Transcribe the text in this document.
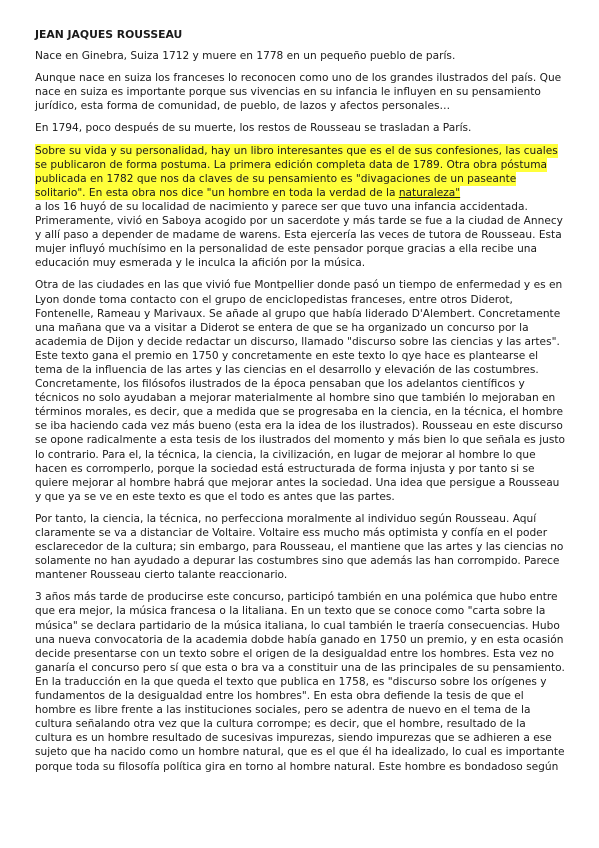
JEAN JAQUES ROUSSEAU

Nace en Ginebra, Suiza 1712 y muere en 1778 en un pequeño pueblo de parís.

Aunque nace en suiza los franceses lo reconocen como uno de los grandes ilustrados del país. Que nace en suiza es importante porque sus vivencias en su infancia le influyen en su pensamiento jurídico, esta forma de comunidad, de pueblo, de lazos y afectos personales…

En 1794, poco después de su muerte, los restos de Rousseau se trasladan a París.

Sobre su vida y su personalidad, hay un libro interesantes que es el de sus confesiones, las cuales se publicaron de forma postuma. La primera edición completa data de 1789. Otra obra póstuma publicada en 1782 que nos da claves de su pensamiento es "divagaciones de un paseante solitario". En esta obra nos dice "un hombre en toda la verdad de la naturaleza"

a los 16 huyó de su localidad de nacimiento y parece ser que tuvo una infancia accidentada. Primeramente, vivió en Saboya acogido por un sacerdote y más tarde se fue a la ciudad de Annecy y allí paso a depender de madame de warens. Esta ejercería las veces de tutora de Rousseau. Esta mujer influyó muchísimo en la personalidad de este pensador porque gracias a ella recibe una educación muy esmerada y le inculca la afición por la música.

Otra de las ciudades en las que vivió fue Montpellier donde pasó un tiempo de enfermedad y es en Lyon donde toma contacto con el grupo de enciclopedistas franceses, entre otros Diderot, Fontenelle, Rameau y Marivaux. Se añade al grupo que había liderado D'Alembert. Concretamente una mañana que va a visitar a Diderot se entera de que se ha organizado un concurso por la academia de Dijon y decide redactar un discurso, llamado "discurso sobre las ciencias y las artes". Este texto gana el premio en 1750 y concretamente en este texto lo qye hace es plantearse el tema de la influencia de las artes y las ciencias en el desarrollo y elevación de las costumbres. Concretamente, los filósofos ilustrados de la época pensaban que los adelantos científicos y técnicos no solo ayudaban a mejorar materialmente al hombre sino que también lo mejoraban en términos morales, es decir, que a medida que se progresaba en la ciencia, en la técnica, el hombre se iba haciendo cada vez más bueno (esta era la idea de los ilustrados). Rousseau en este discurso se opone radicalmente a esta tesis de los ilustrados del momento y más bien lo que señala es justo lo contrario. Para el, la técnica, la ciencia, la civilización, en lugar de mejorar al hombre lo que hacen es corromperlo, porque la sociedad está estructurada de forma injusta y por tanto si se quiere mejorar al hombre habrá que mejorar antes la sociedad. Una idea que persigue a Rousseau y que ya se ve en este texto es que el todo es antes que las partes.

Por tanto, la ciencia, la técnica, no perfecciona moralmente al individuo según Rousseau. Aquí claramente se va a distanciar de Voltaire. Voltaire ess mucho más optimista y confía en el poder esclarecedor de la cultura; sin embargo, para Rousseau, el mantiene que las artes y las ciencias no solamente no han ayudado a depurar las costumbres sino que además las han corrompido. Parece mantener Rousseau cierto talante reaccionario.

3 años más tarde de producirse este concurso, participó también en una polémica que hubo entre que era mejor, la música francesa o la litaliana. En un texto que se conoce como "carta sobre la música" se declara partidario de la música italiana, lo cual también le traería consecuencias. Hubo una nueva convocatoria de la academia dobde había ganado en 1750 un premio, y en esta ocasión decide presentarse con un texto sobre el origen de la desigualdad entre los hombres. Esta vez no ganaría el concurso pero sí que esta o bra va a constituir una de las principales de su pensamiento. En la traducción en la que queda el texto que publica en 1758, es "discurso sobre los orígenes y fundamentos de la desigualdad entre los hombres". En esta obra defiende la tesis de que el hombre es libre frente a las instituciones sociales, pero se adentra de nuevo en el tema de la cultura señalando otra vez que la cultura corrompe; es decir, que el hombre, resultado de la cultura es un hombre resultado de sucesivas impurezas, siendo impurezas que se adhieren a ese sujeto que ha nacido como un hombre natural, que es el que él ha idealizado, lo cual es importante porque toda su filosofía política gira en torno al hombre natural. Este hombre es bondadoso según
